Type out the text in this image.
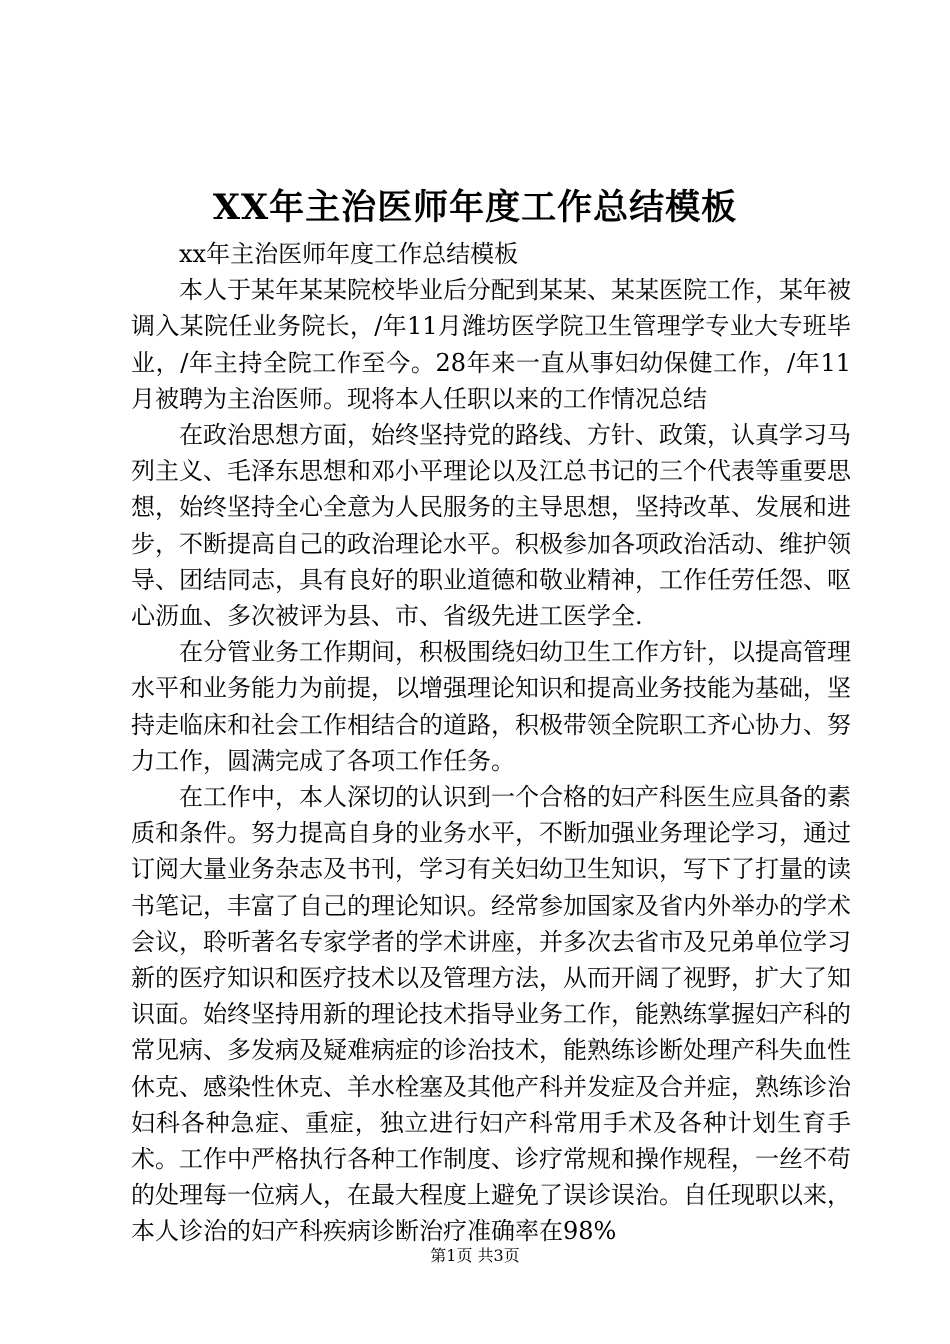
XX年主治医师年度工作总结模板

xx年主治医师年度工作总结模板

本人于某年某某院校毕业后分配到某某、某某医院工作，某年被调入某院任业务院长，/年11月潍坊医学院卫生管理学专业大专班毕业，/年主持全院工作至今。28年来一直从事妇幼保健工作，/年11月被聘为主治医师。现将本人任职以来的工作情况总结

在政治思想方面，始终坚持党的路线、方针、政策，认真学习马列主义、毛泽东思想和邓小平理论以及江总书记的三个代表等重要思想，始终坚持全心全意为人民服务的主导思想，坚持改革、发展和进步，不断提高自己的政治理论水平。积极参加各项政治活动、维护领导、团结同志，具有良好的职业道德和敬业精神，工作任劳任怨、呕心沥血、多次被评为县、市、省级先进工医学全.

在分管业务工作期间，积极围绕妇幼卫生工作方针，以提高管理水平和业务能力为前提，以增强理论知识和提高业务技能为基础，坚持走临床和社会工作相结合的道路，积极带领全院职工齐心协力、努力工作，圆满完成了各项工作任务。

在工作中，本人深切的认识到一个合格的妇产科医生应具备的素质和条件。努力提高自身的业务水平，不断加强业务理论学习，通过订阅大量业务杂志及书刊，学习有关妇幼卫生知识，写下了打量的读书笔记，丰富了自己的理论知识。经常参加国家及省内外举办的学术会议，聆听著名专家学者的学术讲座，并多次去省市及兄弟单位学习新的医疗知识和医疗技术以及管理方法，从而开阔了视野，扩大了知识面。始终坚持用新的理论技术指导业务工作，能熟练掌握妇产科的常见病、多发病及疑难病症的诊治技术，能熟练诊断处理产科失血性休克、感染性休克、羊水栓塞及其他产科并发症及合并症，熟练诊治妇科各种急症、重症，独立进行妇产科常用手术及各种计划生育手术。工作中严格执行各种工作制度、诊疗常规和操作规程，一丝不苟的处理每一位病人，在最大程度上避免了误诊误治。自任现职以来，本人诊治的妇产科疾病诊断治疗准确率在98%

第1页 共3页
